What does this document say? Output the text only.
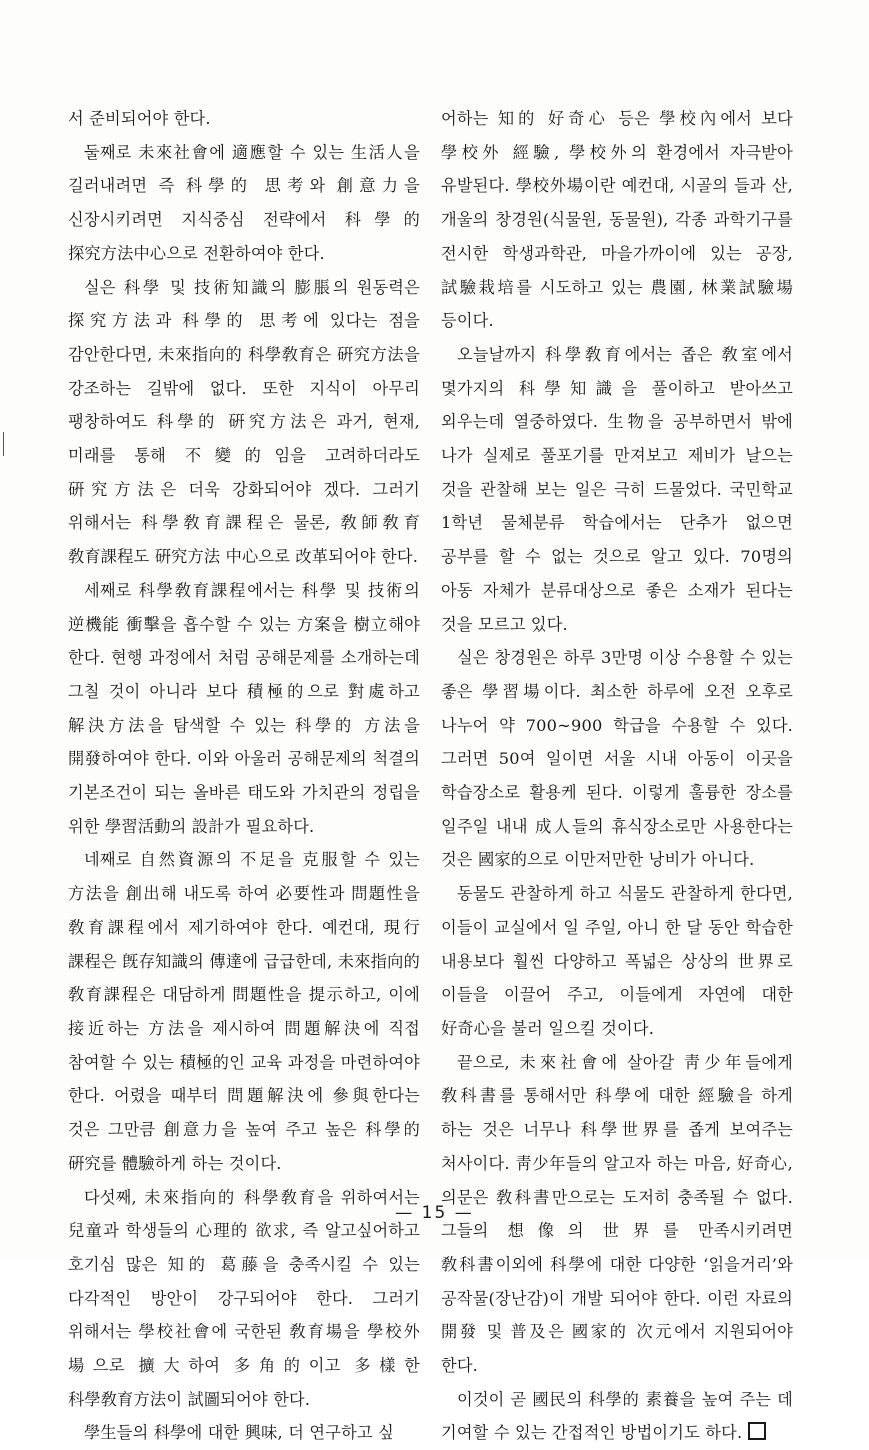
서 준비되어야 한다.

둘째로 未來社會에 適應할 수 있는 生活人을 길러내려면 즉 科學的 思考와 創意力을 신장시키려면 지식중심 전략에서 科學的 探究方法中心으로 전환하여야 한다.

실은 科學 및 技術知識의 膨脹의 원동력은 探究方法과 科學的 思考에 있다는 점을 감안한다면, 未來指向的 科學敎育은 硏究方法을 강조하는 길밖에 없다. 또한 지식이 아무리 팽창하여도 科學的 硏究方法은 과거, 현재, 미래를 통해 不變的임을 고려하더라도 硏究方法은 더욱 강화되어야 겠다. 그러기 위해서는 科學敎育課程은 물론, 敎師敎育 敎育課程도 硏究方法 中心으로 改革되어야 한다.

세째로 科學敎育課程에서는 科學 및 技術의 逆機能 衝擊을 흡수할 수 있는 方案을 樹立해야 한다. 현행 과정에서 처럼 공해문제를 소개하는데 그칠 것이 아니라 보다 積極的으로 對處하고 解決方法을 탐색할 수 있는 科學的 方法을 開發하여야 한다. 이와 아울러 공해문제의 척결의 기본조건이 되는 올바른 태도와 가치관의 정립을 위한 學習活動의 設計가 필요하다.

네째로 自然資源의 不足을 克服할 수 있는 方法을 創出해 내도록 하여 必要性과 問題性을 敎育課程에서 제기하여야 한다. 예컨대, 現行 課程은 旣存知識의 傳達에 급급한데, 未來指向的 敎育課程은 대담하게 問題性을 提示하고, 이에 接近하는 方法을 제시하여 問題解決에 직접 참여할 수 있는 積極的인 교육 과정을 마련하여야 한다. 어렸을 때부터 問題解決에 參與한다는 것은 그만큼 創意力을 높여 주고 높은 科學的 硏究를 體驗하게 하는 것이다.

다섯째, 未來指向的 科學敎育을 위하여서는 兒童과 학생들의 心理的 欲求, 즉 알고싶어하고 호기심 많은 知的 葛藤을 충족시킬 수 있는 다각적인 방안이 강구되어야 한다. 그러기 위해서는 學校社會에 국한된 敎育場을 學校外 場으로 擴大하여 多角的이고 多樣한 科學敎育方法이 試圖되어야 한다.

學生들의 科學에 대한 興味, 더 연구하고 싶

어하는 知的 好奇心 등은 學校內에서 보다 學校外 經驗, 學校外의 환경에서 자극받아 유발된다. 學校外場이란 예컨대, 시골의 들과 산, 개울의 창경원(식물원, 동물원), 각종 과학기구를 전시한 학생과학관, 마을가까이에 있는 공장, 試驗栽培를 시도하고 있는 農園, 林業試驗場 등이다.

오늘날까지 科學敎育에서는 좁은 敎室에서 몇가지의 科學知識을 풀이하고 받아쓰고 외우는데 열중하였다. 生物을 공부하면서 밖에 나가 실제로 풀포기를 만져보고 제비가 날으는 것을 관찰해 보는 일은 극히 드물었다. 국민학교 1학년 물체분류 학습에서는 단추가 없으면 공부를 할 수 없는 것으로 알고 있다. 70명의 아동 자체가 분류대상으로 좋은 소재가 된다는 것을 모르고 있다.

실은 창경원은 하루 3만명 이상 수용할 수 있는 좋은 學習場이다. 최소한 하루에 오전 오후로 나누어 약 700∼900 학급을 수용할 수 있다. 그러면 50여 일이면 서울 시내 아동이 이곳을 학습장소로 활용케 된다. 이렇게 훌륭한 장소를 일주일 내내 成人들의 휴식장소로만 사용한다는 것은 國家的으로 이만저만한 낭비가 아니다.

동물도 관찰하게 하고 식물도 관찰하게 한다면, 이들이 교실에서 일 주일, 아니 한 달 동안 학습한 내용보다 훨씬 다양하고 폭넓은 상상의 世界로 이들을 이끌어 주고, 이들에게 자연에 대한 好奇心을 불러 일으킬 것이다.

끝으로, 未來社會에 살아갈 靑少年들에게 敎科書를 통해서만 科學에 대한 經驗을 하게 하는 것은 너무나 科學世界를 좁게 보여주는 처사이다. 靑少年들의 알고자 하는 마음, 好奇心, 의문은 敎科書만으로는 도저히 충족될 수 없다. 그들의 想像의 世界를 만족시키려면 敎科書이외에 科學에 대한 다양한 ‘읽을거리’와 공작물(장난감)이 개발 되어야 한다. 이런 자료의 開發 및 普及은 國家的 次元에서 지원되어야 한다.

이것이 곧 國民의 科學的 素養을 높여 주는 데 기여할 수 있는 간접적인 방법이기도 하다.

— 15 —
